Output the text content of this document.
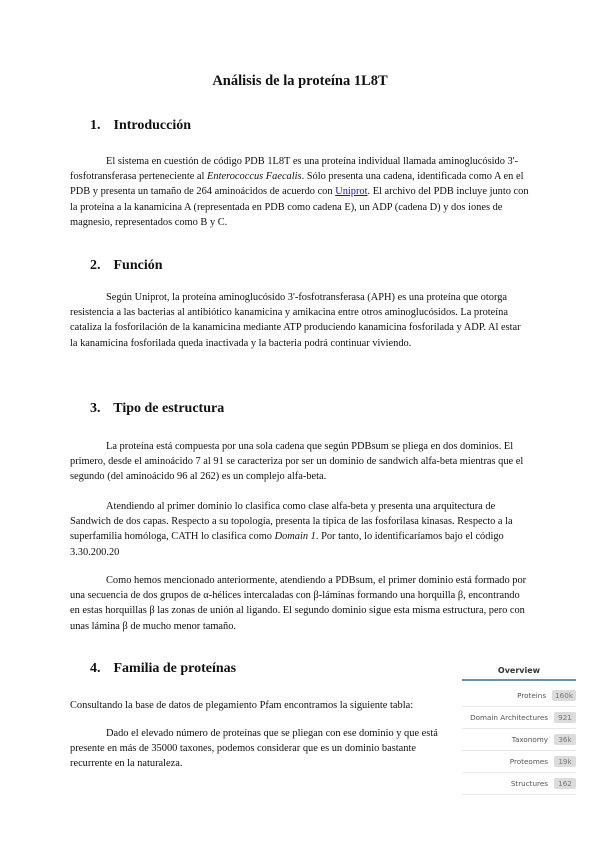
Análisis de la proteína 1L8T
1. Introducción

El sistema en cuestión de código PDB 1L8T es una proteína individual llamada aminoglucósido 3'-fosfotransferasa perteneciente al Enterococcus Faecalis. Sólo presenta una cadena, identificada como A en el PDB y presenta un tamaño de 264 aminoácidos de acuerdo con Uniprot. El archivo del PDB incluye junto con la proteína a la kanamicina A (representada en PDB como cadena E), un ADP (cadena D) y dos iones de magnesio, representados como B y C.

2. Función

Según Uniprot, la proteína aminoglucósido 3'-fosfotransferasa (APH) es una proteína que otorga resistencia a las bacterias al antibiótico kanamicina y amikacina entre otros aminoglucósidos. La proteína cataliza la fosforilación de la kanamicina mediante ATP produciendo kanamicina fosforilada y ADP. Al estar la kanamicina fosforilada queda inactivada y la bacteria podrá continuar viviendo.

3. Tipo de estructura

La proteína está compuesta por una sola cadena que según PDBsum se pliega en dos dominios. El primero, desde el aminoácido 7 al 91 se caracteriza por ser un dominio de sandwich alfa-beta mientras que el segundo (del aminoácido 96 al 262) es un complejo alfa-beta.

Atendiendo al primer dominio lo clasifica como clase alfa-beta y presenta una arquitectura de Sandwich de dos capas. Respecto a su topología, presenta la típica de las fosforilasa kinasas. Respecto a la superfamilia homóloga, CATH lo clasifica como Domain 1. Por tanto, lo identificaríamos bajo el código 3.30.200.20

Como hemos mencionado anteriormente, atendiendo a PDBsum, el primer dominio está formado por una secuencia de dos grupos de α-hélices intercaladas con β-láminas formando una horquilla β, encontrando en estas horquillas β las zonas de unión al ligando. El segundo dominio sigue esta misma estructura, pero con unas lámina β de mucho menor tamaño.

4. Familia de proteínas

Consultando la base de datos de plegamiento Pfam encontramos la siguiente tabla:

Dado el elevado número de proteínas que se pliegan con ese dominio y que está presente en más de 35000 taxones, podemos considerar que es un dominio bastante recurrente en la naturaleza.

Overview
Proteins	160k
Domain Architectures	921
Taxonomy	36k
Proteomes	19k
Structures	162
